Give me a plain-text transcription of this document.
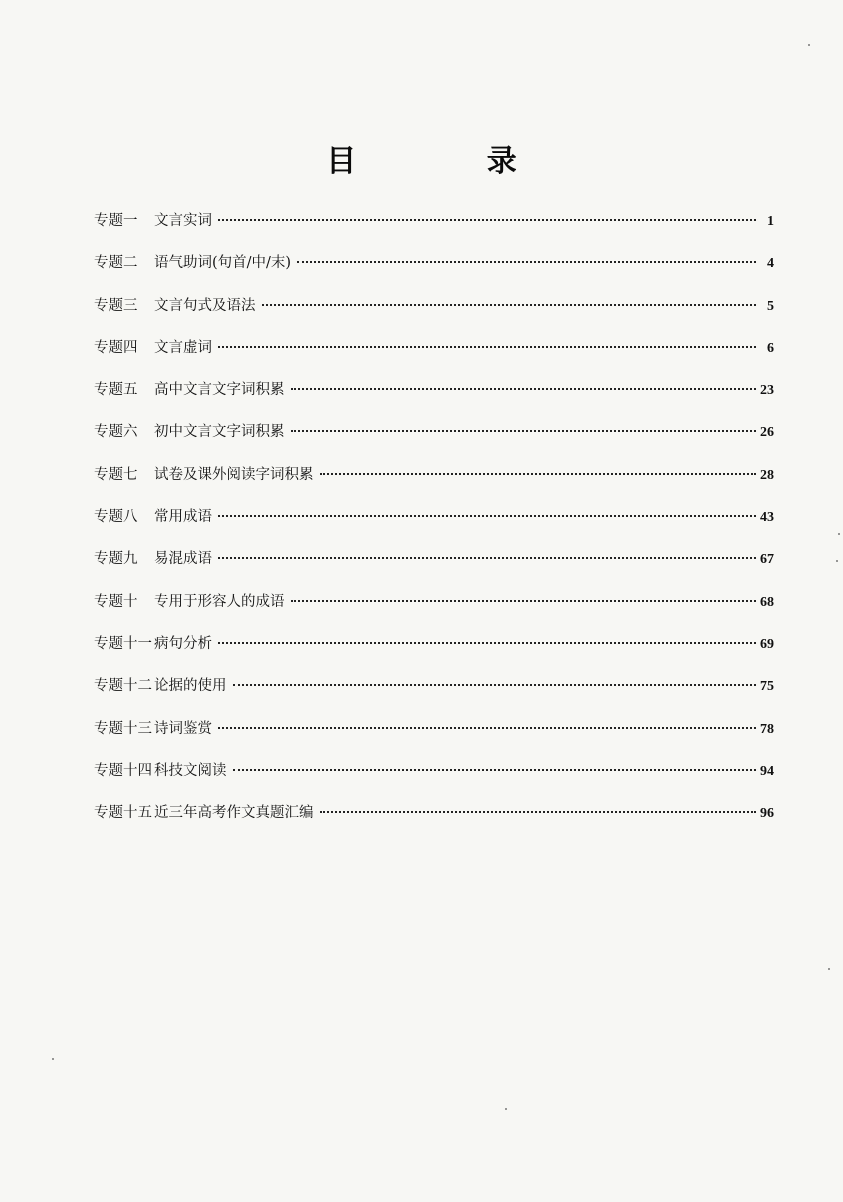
目 录
专题一	文言实词	1
专题二	语气助词(句首/中/末)	4
专题三	文言句式及语法	5
专题四	文言虚词	6
专题五	高中文言文字词积累	23
专题六	初中文言文字词积累	26
专题七	试卷及课外阅读字词积累	28
专题八	常用成语	43
专题九	易混成语	67
专题十	专用于形容人的成语	68
专题十一 病句分析	69
专题十二 论据的使用	75
专题十三 诗词鉴赏	78
专题十四 科技文阅读	94
专题十五 近三年高考作文真题汇编	96
